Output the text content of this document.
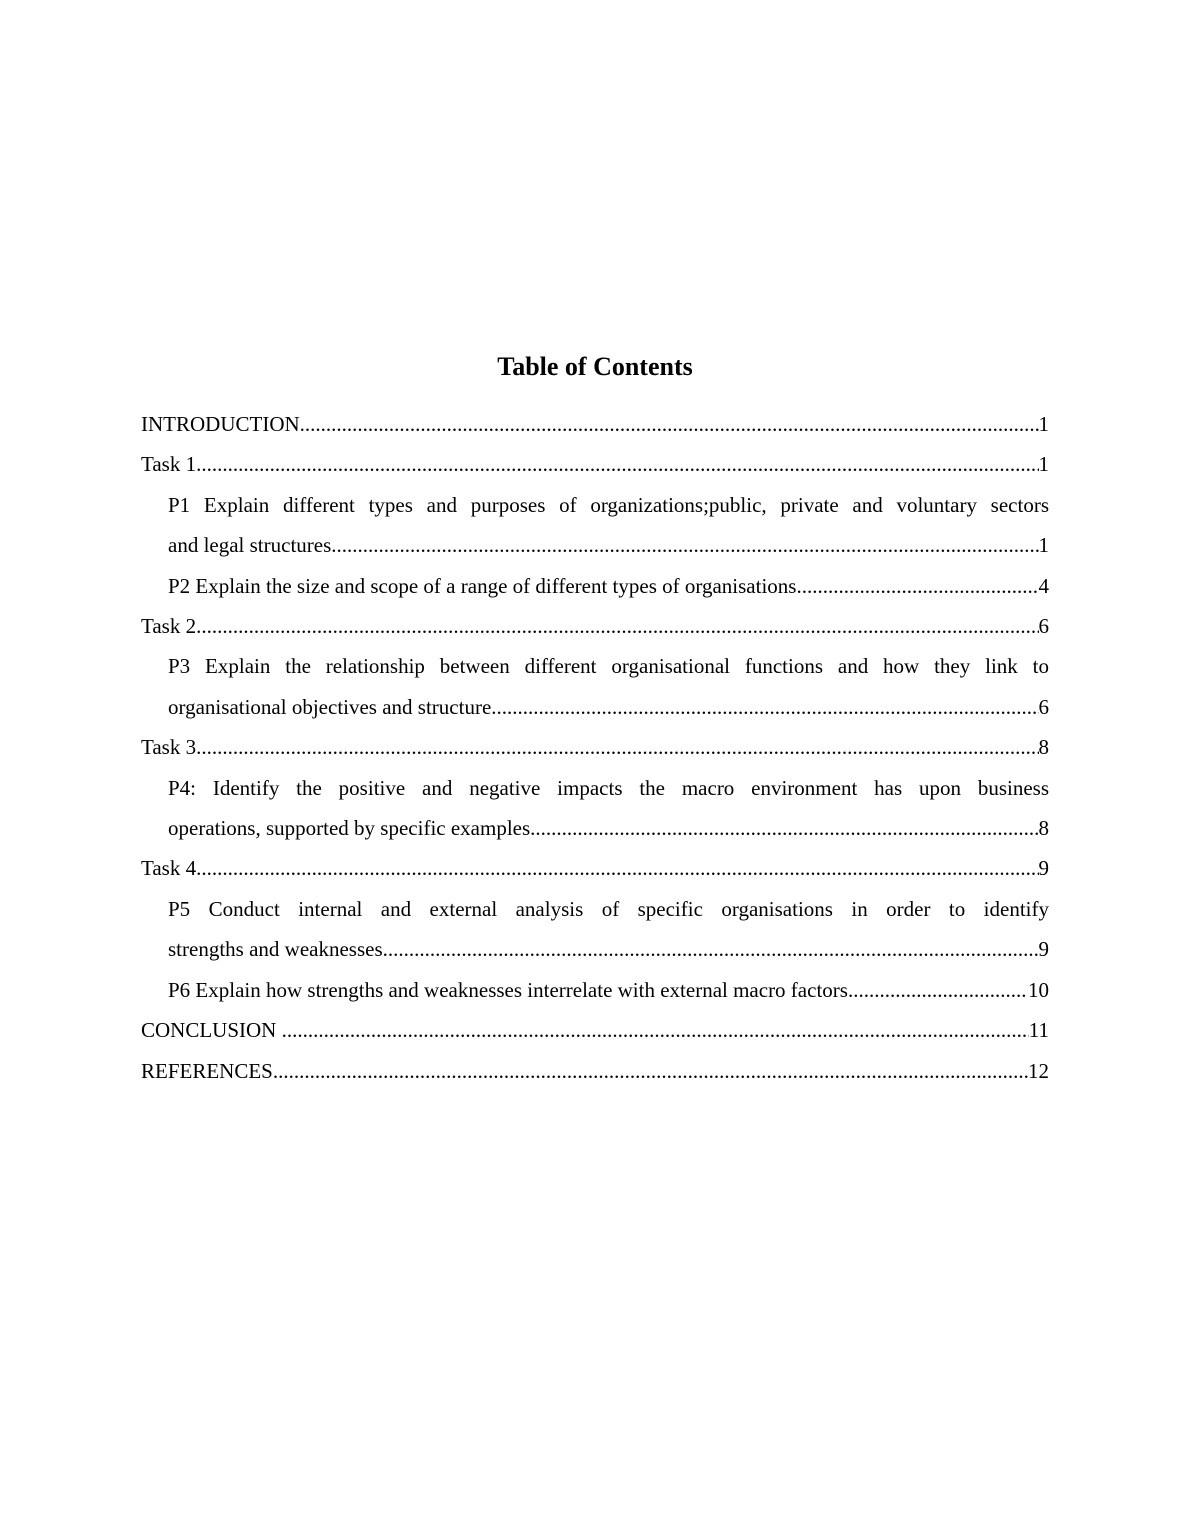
Table of Contents
INTRODUCTION .....	1
Task 1 .....	1
P1 Explain different types and purposes of organizations;public, private and voluntary sectors
and legal structures .....	1
P2 Explain the size and scope of a range of different types of organisations .....	4
Task 2 .....	6
P3 Explain the relationship between different organisational functions and how they link to
organisational objectives and structure .....	6
Task 3 .....	8
P4: Identify the positive and negative impacts the macro environment has upon business
operations, supported by specific examples .....	8
Task 4 .....	9
P5 Conduct internal and external analysis of specific organisations in order to identify
strengths and weaknesses .....	9
P6 Explain how strengths and weaknesses interrelate with external macro factors .....	10
CONCLUSION .....	11
REFERENCES .....	12
